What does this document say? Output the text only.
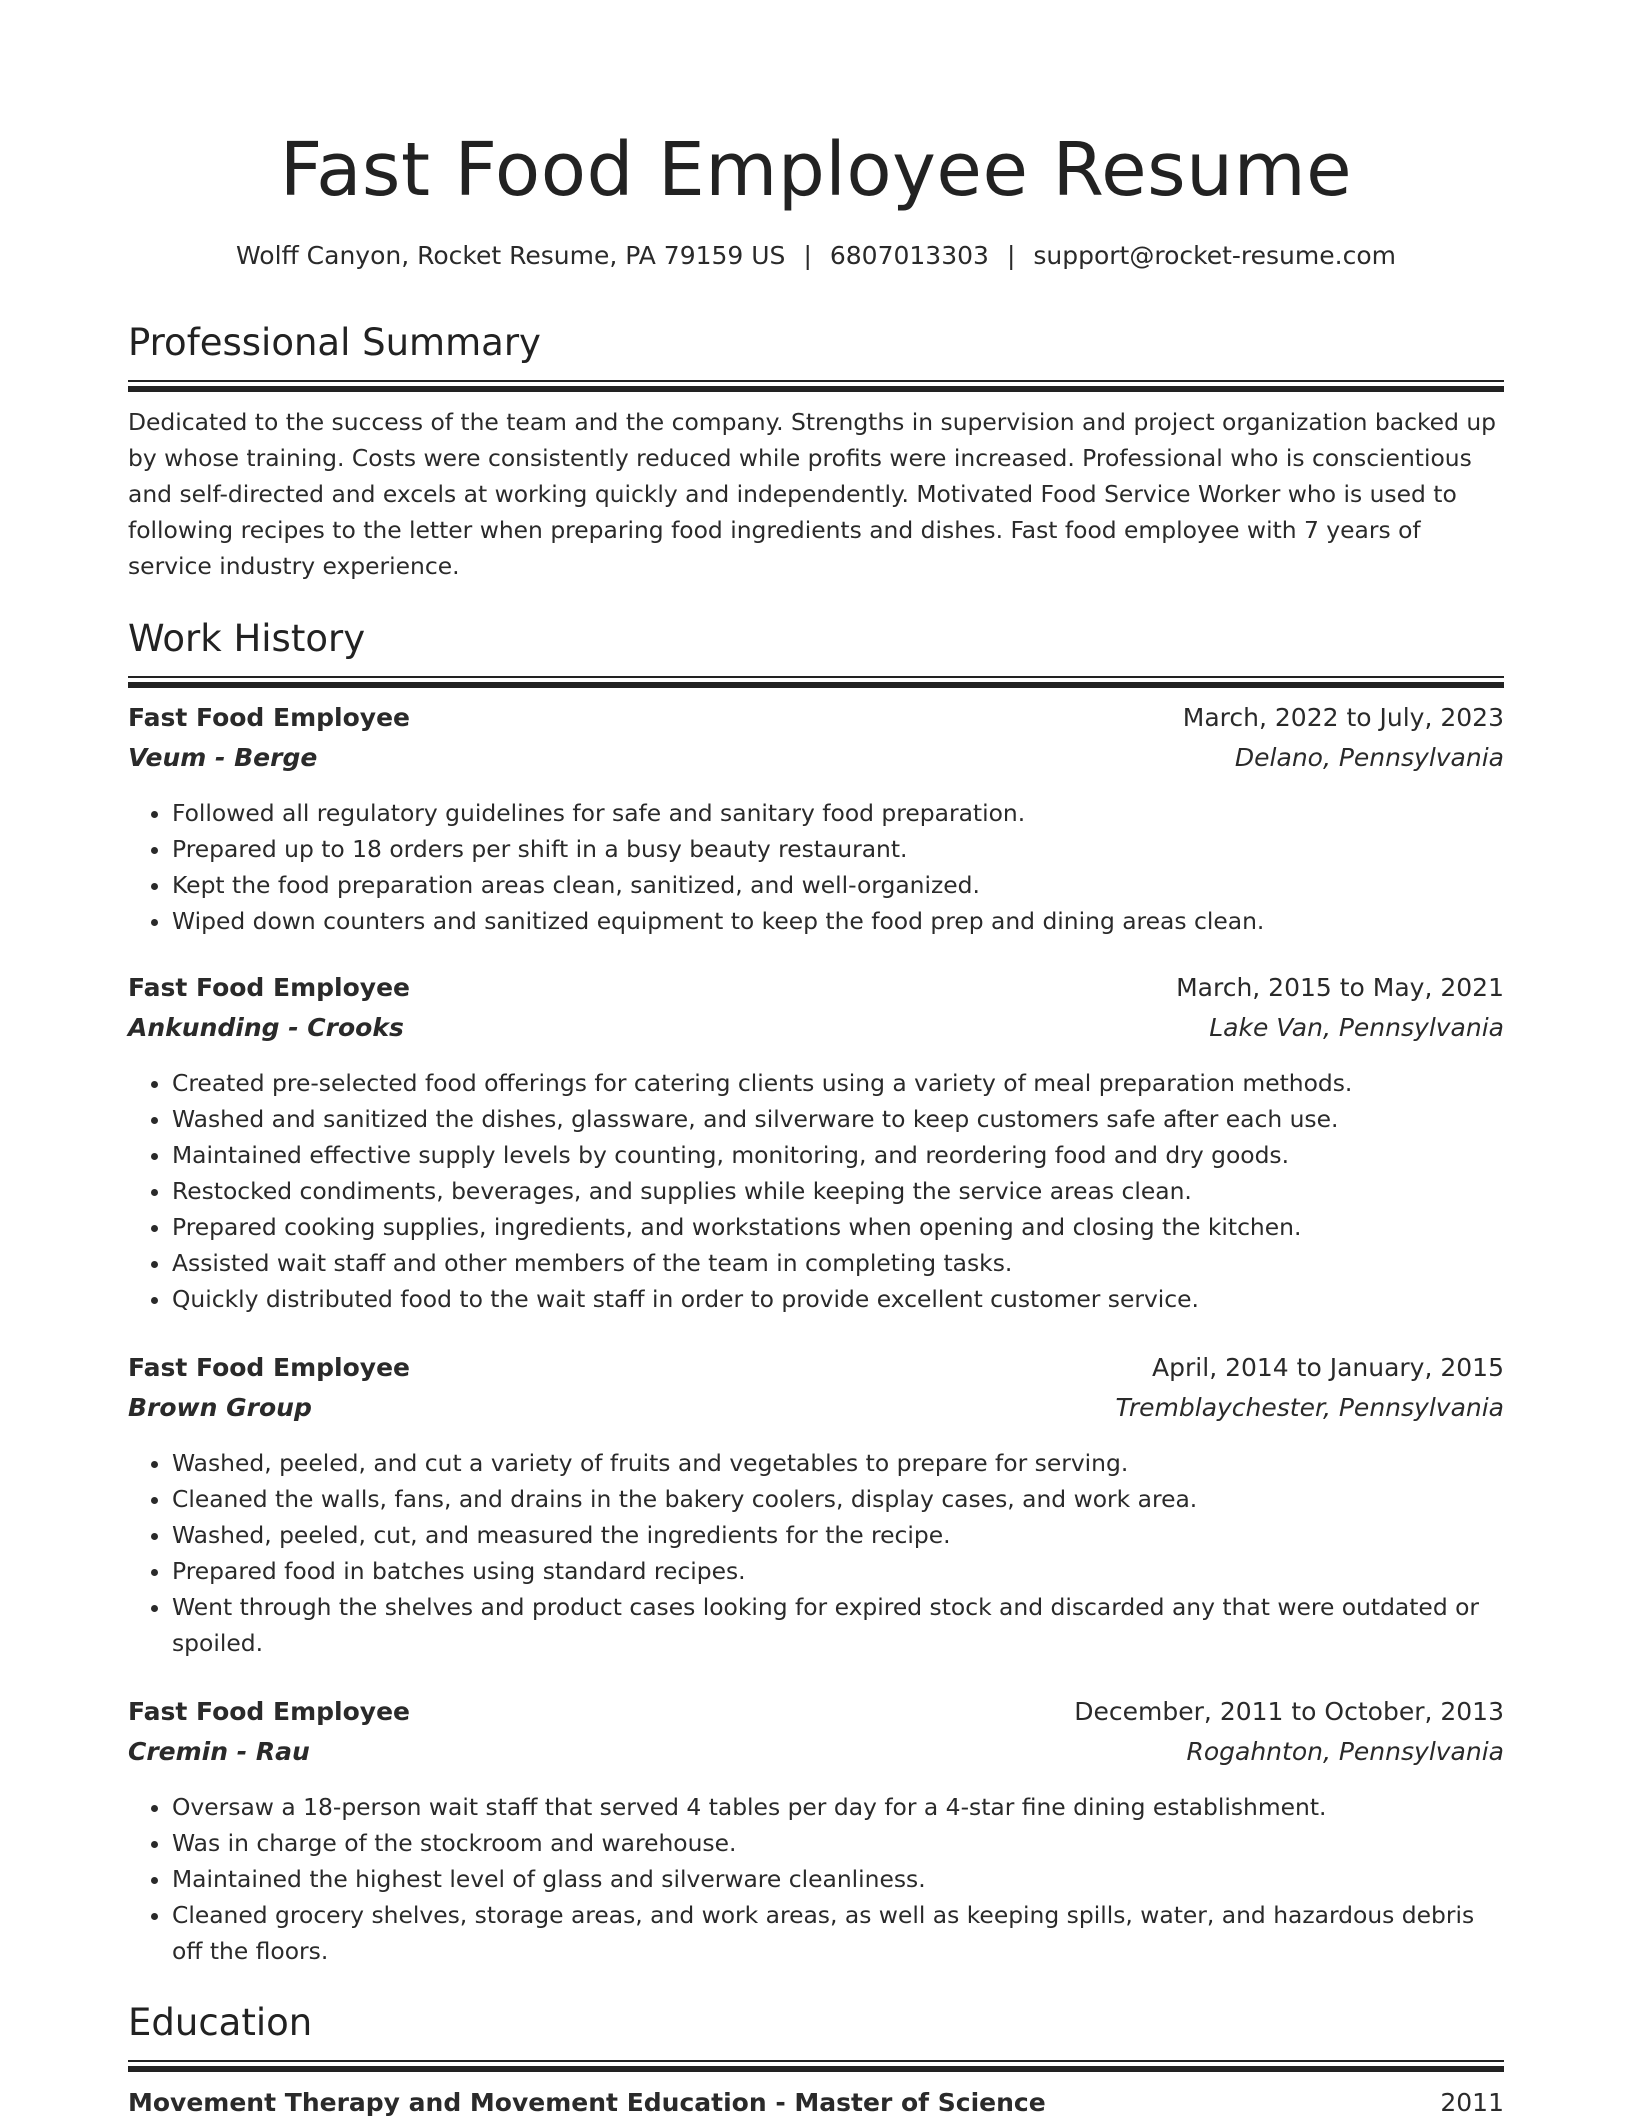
Fast Food Employee Resume
Wolff Canyon, Rocket Resume, PA 79159 US | 6807013303 | support@rocket-resume.com
Professional Summary
Dedicated to the success of the team and the company. Strengths in supervision and project organization backed up by whose training. Costs were consistently reduced while profits were increased. Professional who is conscientious and self-directed and excels at working quickly and independently. Motivated Food Service Worker who is used to following recipes to the letter when preparing food ingredients and dishes. Fast food employee with 7 years of service industry experience.
Work History
Fast Food Employee	March, 2022 to July, 2023
Veum - Berge	Delano, Pennsylvania
• Followed all regulatory guidelines for safe and sanitary food preparation.
• Prepared up to 18 orders per shift in a busy beauty restaurant.
• Kept the food preparation areas clean, sanitized, and well-organized.
• Wiped down counters and sanitized equipment to keep the food prep and dining areas clean.
Fast Food Employee	March, 2015 to May, 2021
Ankunding - Crooks	Lake Van, Pennsylvania
• Created pre-selected food offerings for catering clients using a variety of meal preparation methods.
• Washed and sanitized the dishes, glassware, and silverware to keep customers safe after each use.
• Maintained effective supply levels by counting, monitoring, and reordering food and dry goods.
• Restocked condiments, beverages, and supplies while keeping the service areas clean.
• Prepared cooking supplies, ingredients, and workstations when opening and closing the kitchen.
• Assisted wait staff and other members of the team in completing tasks.
• Quickly distributed food to the wait staff in order to provide excellent customer service.
Fast Food Employee	April, 2014 to January, 2015
Brown Group	Tremblaychester, Pennsylvania
• Washed, peeled, and cut a variety of fruits and vegetables to prepare for serving.
• Cleaned the walls, fans, and drains in the bakery coolers, display cases, and work area.
• Washed, peeled, cut, and measured the ingredients for the recipe.
• Prepared food in batches using standard recipes.
• Went through the shelves and product cases looking for expired stock and discarded any that were outdated or spoiled.
Fast Food Employee	December, 2011 to October, 2013
Cremin - Rau	Rogahnton, Pennsylvania
• Oversaw a 18-person wait staff that served 4 tables per day for a 4-star fine dining establishment.
• Was in charge of the stockroom and warehouse.
• Maintained the highest level of glass and silverware cleanliness.
• Cleaned grocery shelves, storage areas, and work areas, as well as keeping spills, water, and hazardous debris off the floors.
Education
Movement Therapy and Movement Education - Master of Science	2011
